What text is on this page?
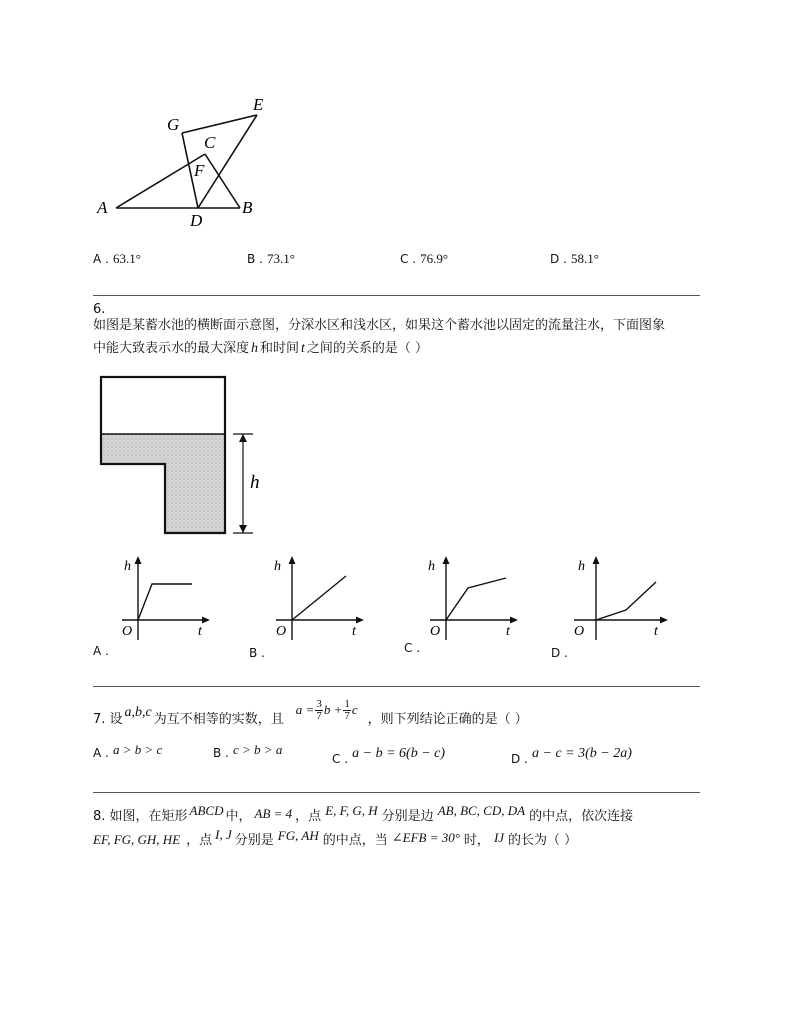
G
E
C
F
A
D
B
A . 63.1°	B . 73.1°	C . 76.9°	D . 58.1°
6.
如图是某蓄水池的横断面示意图，分深水区和浅水区，如果这个蓄水池以固定的流量注水，下面图象
中能大致表示水的最大深度 h 和时间 t 之间的关系的是（ ）
h
h
O	t
A .
h
O	t
B .
h
O	t
C .
h
O	t
D .
7. 设 a,b,c 为互不相等的实数，且
$a = \frac{3}{7}$ $b + \frac{1}{7}$ c
，则下列结论正确的是（ ）
A . a > b > c	B . c > b > a
C . a − b = 6(b − c)	D . a − c = 3(b − 2a)
8. 如图，在矩形 ABCD 中， AB = 4 ，点 E, F, G, H 分别是边 AB, BC, CD, DA 的中点，依次连接
EF, FG, GH, HE ，点 I, J 分别是 FG, AH 的中点，当 ∠EFB = 30° 时， IJ 的长为（ ）
